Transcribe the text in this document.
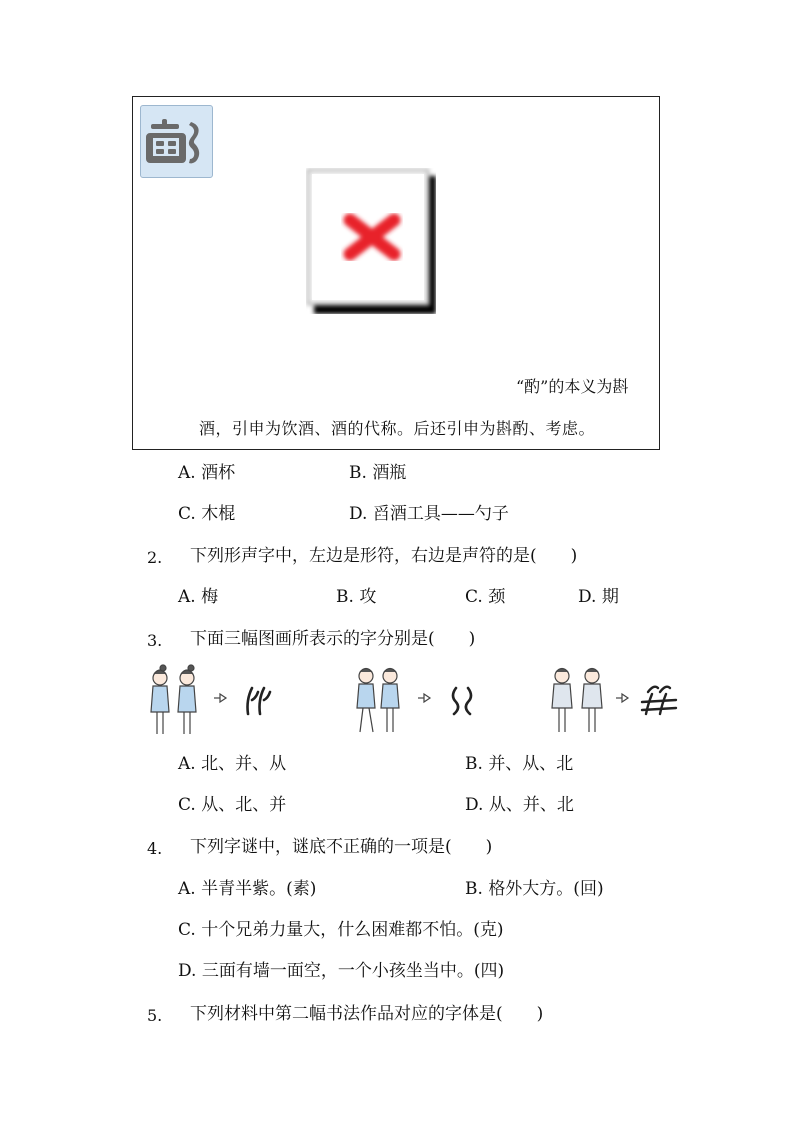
“酌”的本义为斟
酒，引申为饮酒、酒的代称。后还引申为斟酌、考虑。
A. 酒杯	B. 酒瓶
C. 木棍	D. 舀酒工具——勺子
2. 下列形声字中，左边是形符，右边是声符的是(　　)
A. 梅	B. 攻	C. 颈	D. 期
3. 下面三幅图画所表示的字分别是(　　)
A. 北、并、从	B. 并、从、北
C. 从、北、并	D. 从、并、北
4. 下列字谜中，谜底不正确的一项是(　　)
A. 半青半紫。(素)	B. 格外大方。(回)
C. 十个兄弟力量大，什么困难都不怕。(克)
D. 三面有墙一面空，一个小孩坐当中。(四)
5. 下列材料中第二幅书法作品对应的字体是(　　)
